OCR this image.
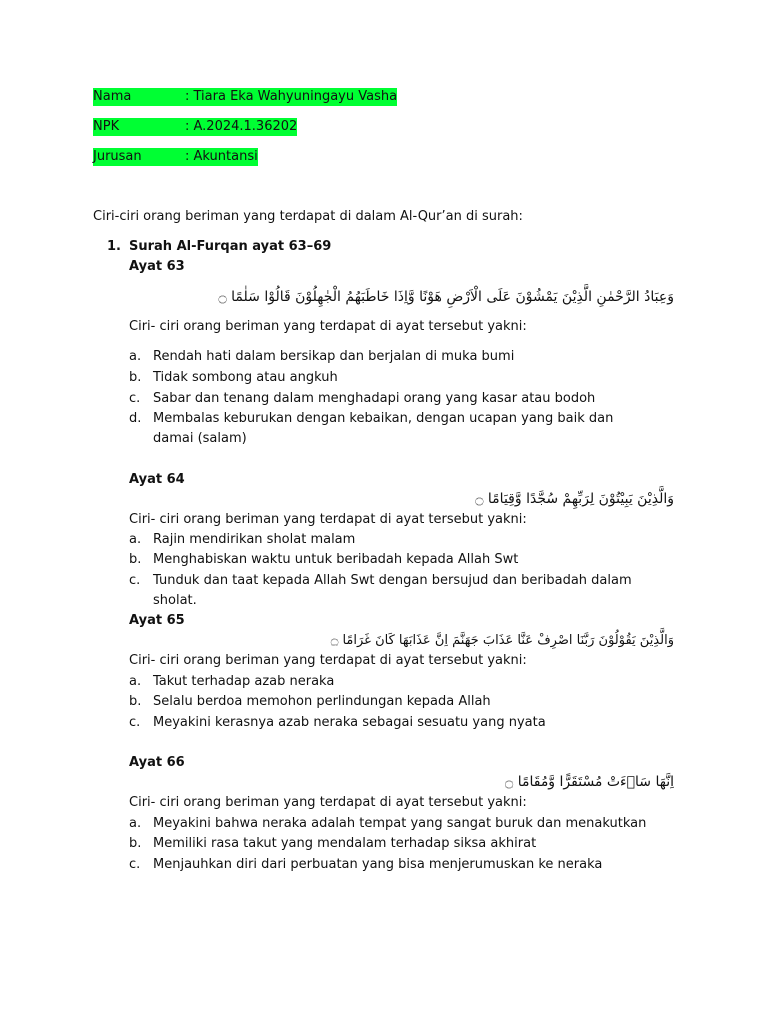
Nama	: Tiara Eka Wahyuningayu Vasha
NPK	: A.2024.1.36202
Jurusan	: Akuntansi
Ciri-ciri orang beriman yang terdapat di dalam Al-Qur’an di surah:
1. Surah Al-Furqan ayat 63–69
Ayat 63
وَعِبَادُ الرَّحْمٰنِ الَّذِيْنَ يَمْشُوْنَ عَلَى الْاَرْضِ هَوْنًا وَّاِذَا خَاطَبَهُمُ الْجٰهِلُوْنَ قَالُوْا سَلٰمًا ۝
Ciri- ciri orang beriman yang terdapat di ayat tersebut yakni:
a. Rendah hati dalam bersikap dan berjalan di muka bumi
b. Tidak sombong atau angkuh
c. Sabar dan tenang dalam menghadapi orang yang kasar atau bodoh
d. Membalas keburukan dengan kebaikan, dengan ucapan yang baik dan damai (salam)
Ayat 64
وَالَّذِيْنَ يَبِيْتُوْنَ لِرَبِّهِمْ سُجَّدًا وَّقِيَامًا ۝
Ciri- ciri orang beriman yang terdapat di ayat tersebut yakni:
a. Rajin mendirikan sholat malam
b. Menghabiskan waktu untuk beribadah kepada Allah Swt
c. Tunduk dan taat kepada Allah Swt dengan bersujud dan beribadah dalam sholat.
Ayat 65
وَالَّذِيْنَ يَقُوْلُوْنَ رَبَّنَا اصْرِفْ عَنَّا عَذَابَ جَهَنَّمَ اِنَّ عَذَابَهَا كَانَ غَرَامًا ۝
Ciri- ciri orang beriman yang terdapat di ayat tersebut yakni:
a. Takut terhadap azab neraka
b. Selalu berdoa memohon perlindungan kepada Allah
c. Meyakini kerasnya azab neraka sebagai sesuatu yang nyata
Ayat 66
اِنَّهَا سَاۤءَتْ مُسْتَقَرًّا وَّمُقَامًا ۝
Ciri- ciri orang beriman yang terdapat di ayat tersebut yakni:
a. Meyakini bahwa neraka adalah tempat yang sangat buruk dan menakutkan
b. Memiliki rasa takut yang mendalam terhadap siksa akhirat
c. Menjauhkan diri dari perbuatan yang bisa menjerumuskan ke neraka
